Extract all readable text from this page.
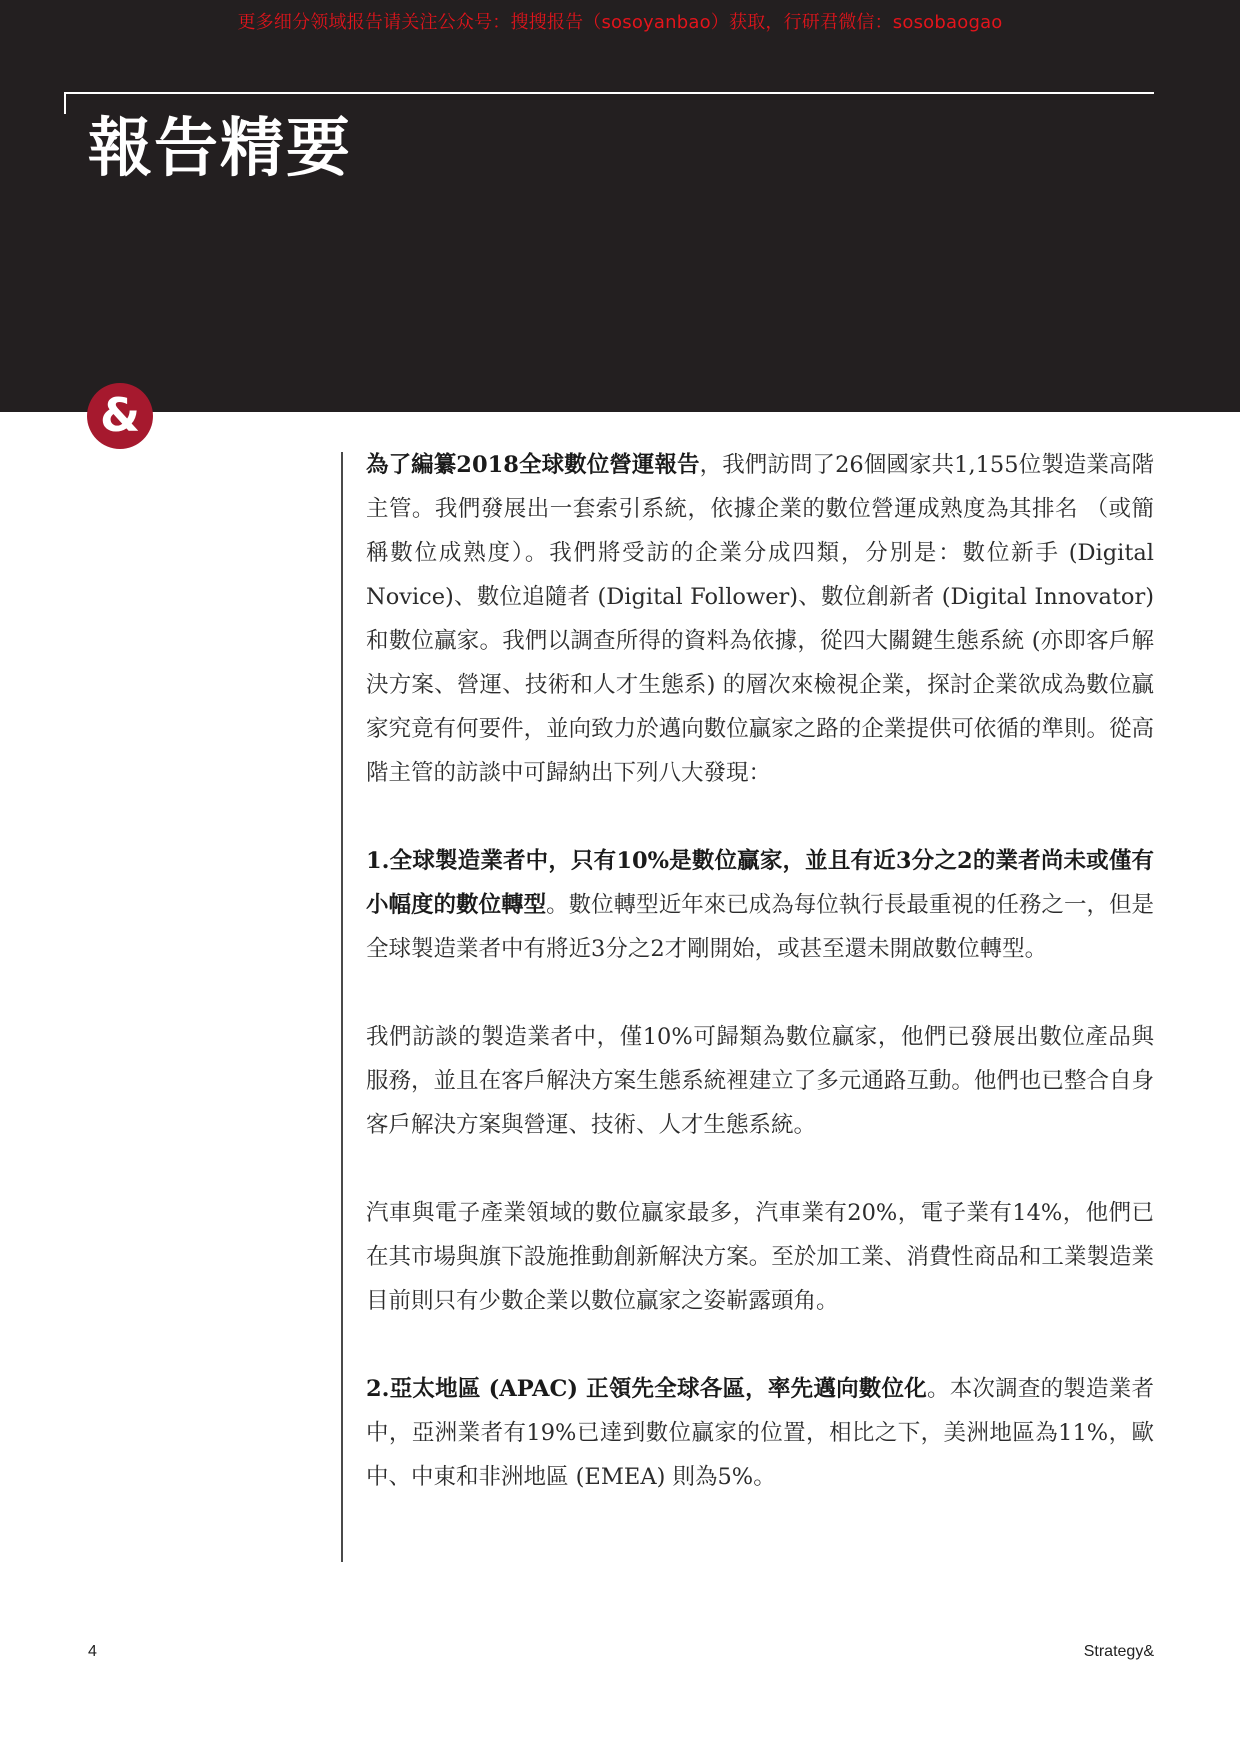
更多细分领域报告请关注公众号：搜搜报告（sosoyanbao）获取，行研君微信：sosobaogao
報告精要
&

為了編纂2018全球數位營運報告，我們訪問了26個國家共1,155位製造業高階主管。我們發展出一套索引系統，依據企業的數位營運成熟度為其排名 （或簡稱數位成熟度）。我們將受訪的企業分成四類，分別是：數位新手 (Digital Novice)、數位追隨者 (Digital Follower)、數位創新者 (Digital Innovator) 和數位贏家。我們以調查所得的資料為依據，從四大關鍵生態系統 (亦即客戶解決方案、營運、技術和人才生態系) 的層次來檢視企業，探討企業欲成為數位贏家究竟有何要件，並向致力於邁向數位贏家之路的企業提供可依循的準則。從高階主管的訪談中可歸納出下列八大發現：

1.全球製造業者中，只有10%是數位贏家，並且有近3分之2的業者尚未或僅有小幅度的數位轉型。數位轉型近年來已成為每位執行長最重視的任務之一，但是全球製造業者中有將近3分之2才剛開始，或甚至還未開啟數位轉型。

我們訪談的製造業者中，僅10%可歸類為數位贏家，他們已發展出數位產品與服務，並且在客戶解決方案生態系統裡建立了多元通路互動。他們也已整合自身客戶解決方案與營運、技術、人才生態系統。

汽車與電子產業領域的數位贏家最多，汽車業有20%，電子業有14%，他們已在其市場與旗下設施推動創新解決方案。至於加工業、消費性商品和工業製造業目前則只有少數企業以數位贏家之姿嶄露頭角。

2.亞太地區 (APAC) 正領先全球各區，率先邁向數位化。本次調查的製造業者中，亞洲業者有19%已達到數位贏家的位置，相比之下，美洲地區為11%，歐中、中東和非洲地區 (EMEA) 則為5%。

4	Strategy&
